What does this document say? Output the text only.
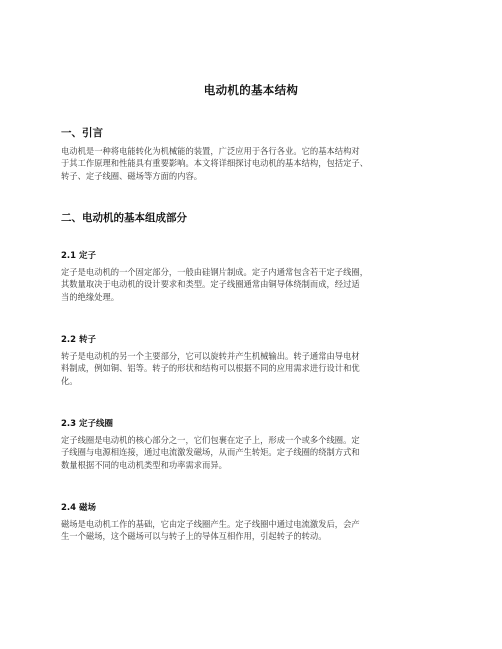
电动机的基本结构
一、引言

电动机是一种将电能转化为机械能的装置，广泛应用于各行各业。它的基本结构对
于其工作原理和性能具有重要影响。本文将详细探讨电动机的基本结构，包括定子、
转子、定子线圈、磁场等方面的内容。

二、电动机的基本组成部分
2.1 定子

定子是电动机的一个固定部分，一般由硅钢片制成。定子内通常包含若干定子线圈，
其数量取决于电动机的设计要求和类型。定子线圈通常由铜导体绕制而成，经过适
当的绝缘处理。

2.2 转子

转子是电动机的另一个主要部分，它可以旋转并产生机械输出。转子通常由导电材
料制成，例如铜、铝等。转子的形状和结构可以根据不同的应用需求进行设计和优
化。

2.3 定子线圈

定子线圈是电动机的核心部分之一，它们包裹在定子上，形成一个或多个线圈。定
子线圈与电源相连接，通过电流激发磁场，从而产生转矩。定子线圈的绕制方式和
数量根据不同的电动机类型和功率需求而异。

2.4 磁场

磁场是电动机工作的基础，它由定子线圈产生。定子线圈中通过电流激发后，会产
生一个磁场，这个磁场可以与转子上的导体互相作用，引起转子的转动。
